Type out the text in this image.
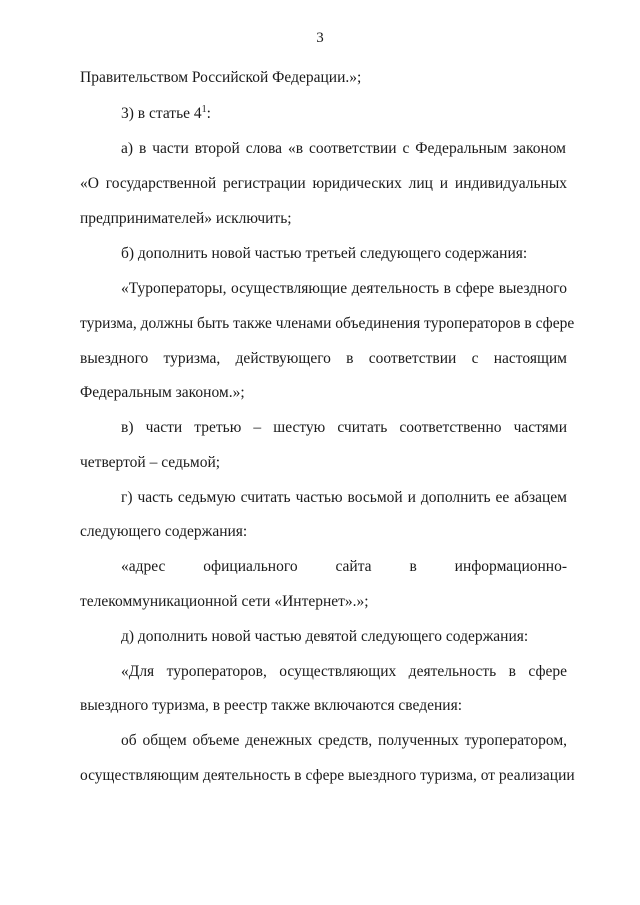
3
Правительством Российской Федерации.»;
3) в статье $4^1$:
а) в части второй слова «в соответствии с Федеральным законом
«О государственной регистрации юридических лиц и индивидуальных
предпринимателей» исключить;
б) дополнить новой частью третьей следующего содержания:
«Туроператоры, осуществляющие деятельность в сфере выездного
туризма, должны быть также членами объединения туроператоров в сфере
выездного туризма, действующего в соответствии с настоящим
Федеральным законом.»;
в) части третью – шестую считать соответственно частями
четвертой – седьмой;
г) часть седьмую считать частью восьмой и дополнить ее абзацем
следующего содержания:
«адрес официального сайта в информационно-
телекоммуникационной сети «Интернет».»;
д) дополнить новой частью девятой следующего содержания:
«Для туроператоров, осуществляющих деятельность в сфере
выездного туризма, в реестр также включаются сведения:
об общем объеме денежных средств, полученных туроператором,
осуществляющим деятельность в сфере выездного туризма, от реализации
